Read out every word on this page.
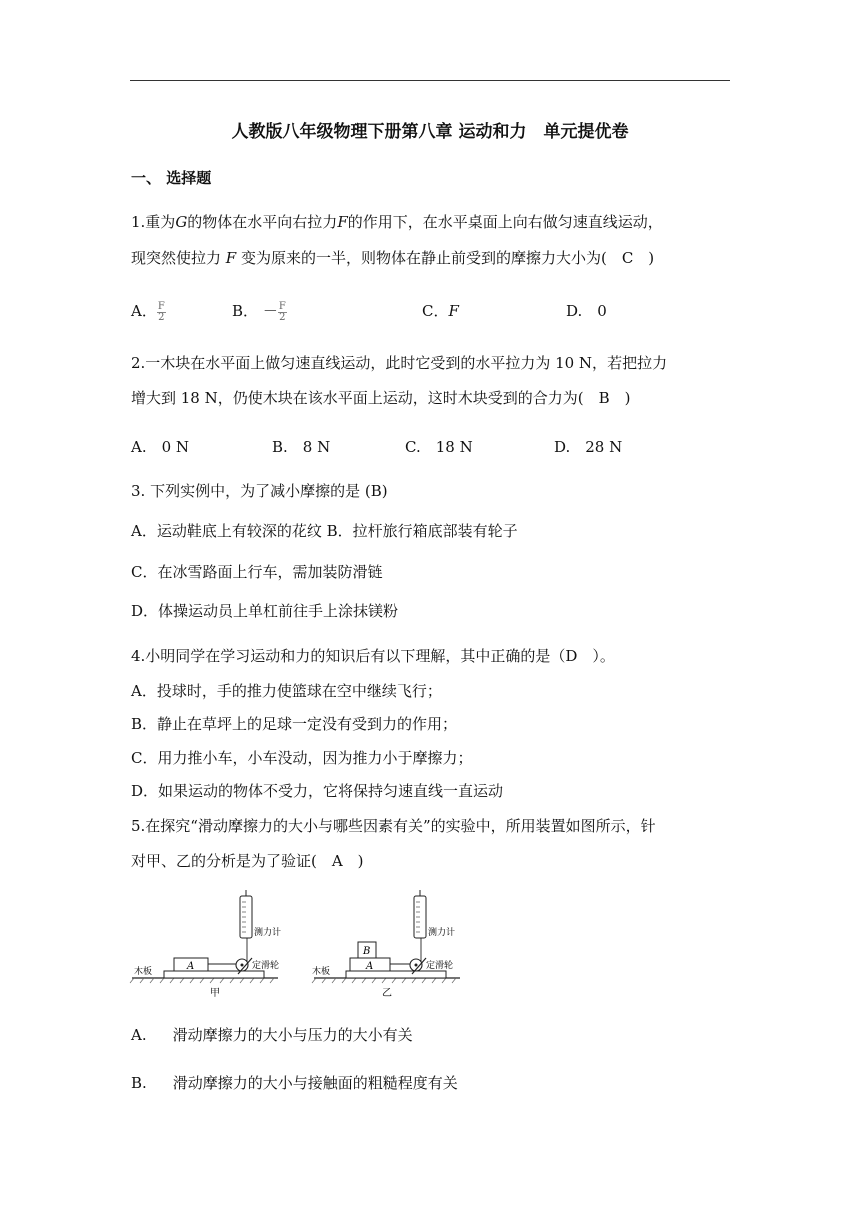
人教版八年级物理下册第八章 运动和力　单元提优卷
一、 选择题
1.重为G的物体在水平向右拉力F的作用下，在水平桌面上向右做匀速直线运动，
现突然使拉力 F 变为原来的一半，则物体在静止前受到的摩擦力大小为(　C　)
A． $\frac{F}{2}$	B． － $\frac{F}{2}$	C．F	D.　0
2.一木块在水平面上做匀速直线运动，此时它受到的水平拉力为 10 N，若把拉力
增大到 18 N，仍使木块在该水平面上运动，这时木块受到的合力为(　B　)
A.　0 N	B.　8 N	C.　18 N	D.　28 N
3. 下列实例中，为了减小摩擦的是 (B)
A．运动鞋底上有较深的花纹 B．拉杆旅行箱底部装有轮子
C．在冰雪路面上行车，需加装防滑链
D．体操运动员上单杠前往手上涂抹镁粉
4.小明同学在学习运动和力的知识后有以下理解，其中正确的是（D　）。
A．投球时，手的推力使篮球在空中继续飞行；
B．静止在草坪上的足球一定没有受到力的作用；
C．用力推小车，小车没动，因为推力小于摩擦力；
D．如果运动的物体不受力，它将保持匀速直线一直运动
5.在探究“滑动摩擦力的大小与哪些因素有关”的实验中，所用装置如图所示，针
对甲、乙的分析是为了验证(　A　)
A
木板
测力计
定滑轮
甲
A
B
木板
测力计
定滑轮
乙
A. 滑动摩擦力的大小与压力的大小有关
B. 滑动摩擦力的大小与接触面的粗糙程度有关
